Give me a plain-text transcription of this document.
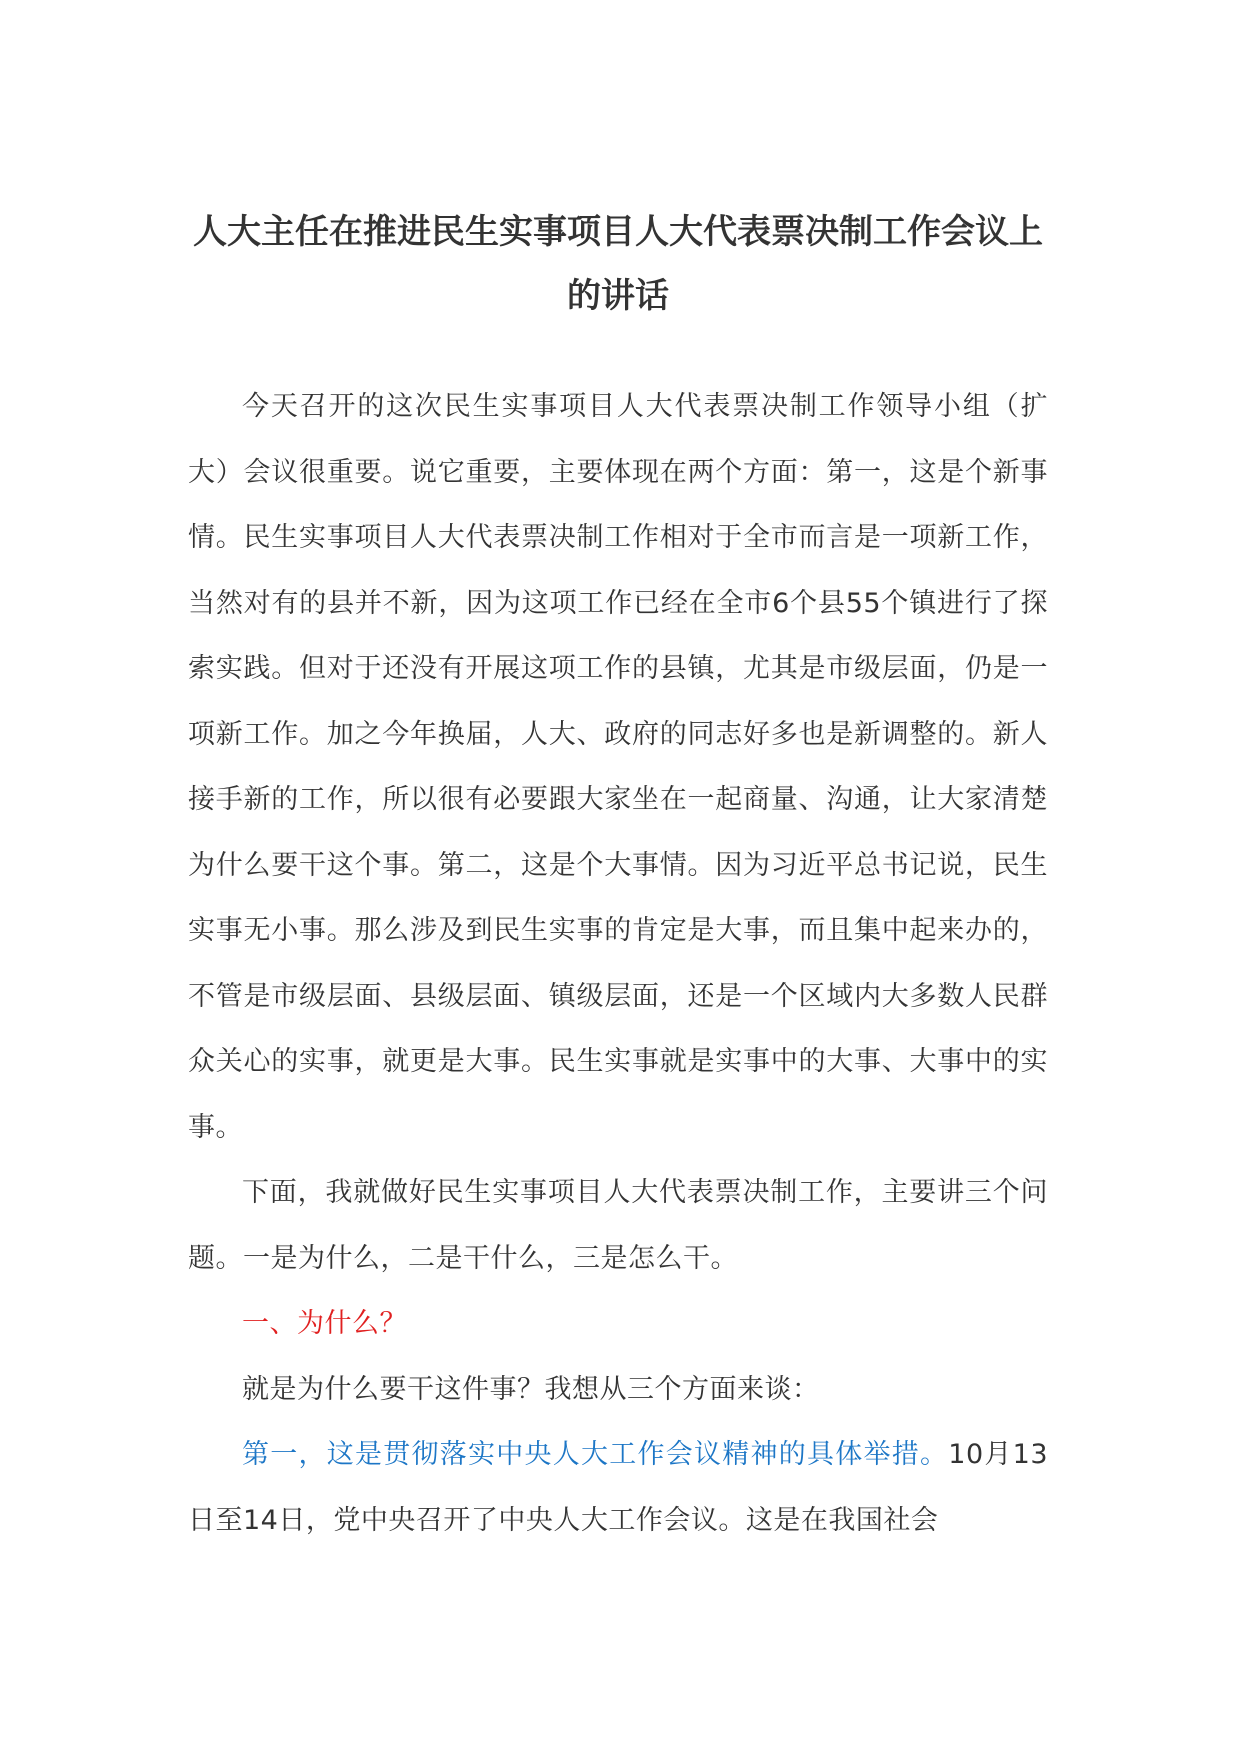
人大主任在推进民生实事项目人大代表票决制工作会议上的讲话

今天召开的这次民生实事项目人大代表票决制工作领导小组（扩大）会议很重要。说它重要，主要体现在两个方面：第一，这是个新事情。民生实事项目人大代表票决制工作相对于全市而言是一项新工作，当然对有的县并不新，因为这项工作已经在全市6个县55个镇进行了探索实践。但对于还没有开展这项工作的县镇，尤其是市级层面，仍是一项新工作。加之今年换届，人大、政府的同志好多也是新调整的。新人接手新的工作，所以很有必要跟大家坐在一起商量、沟通，让大家清楚为什么要干这个事。第二，这是个大事情。因为习近平总书记说，民生实事无小事。那么涉及到民生实事的肯定是大事，而且集中起来办的，不管是市级层面、县级层面、镇级层面，还是一个区域内大多数人民群众关心的实事，就更是大事。民生实事就是实事中的大事、大事中的实事。

下面，我就做好民生实事项目人大代表票决制工作，主要讲三个问题。一是为什么，二是干什么，三是怎么干。

一、为什么？

就是为什么要干这件事？我想从三个方面来谈：

第一，这是贯彻落实中央人大工作会议精神的具体举措。10月13日至14日，党中央召开了中央人大工作会议。这是在我国社会
